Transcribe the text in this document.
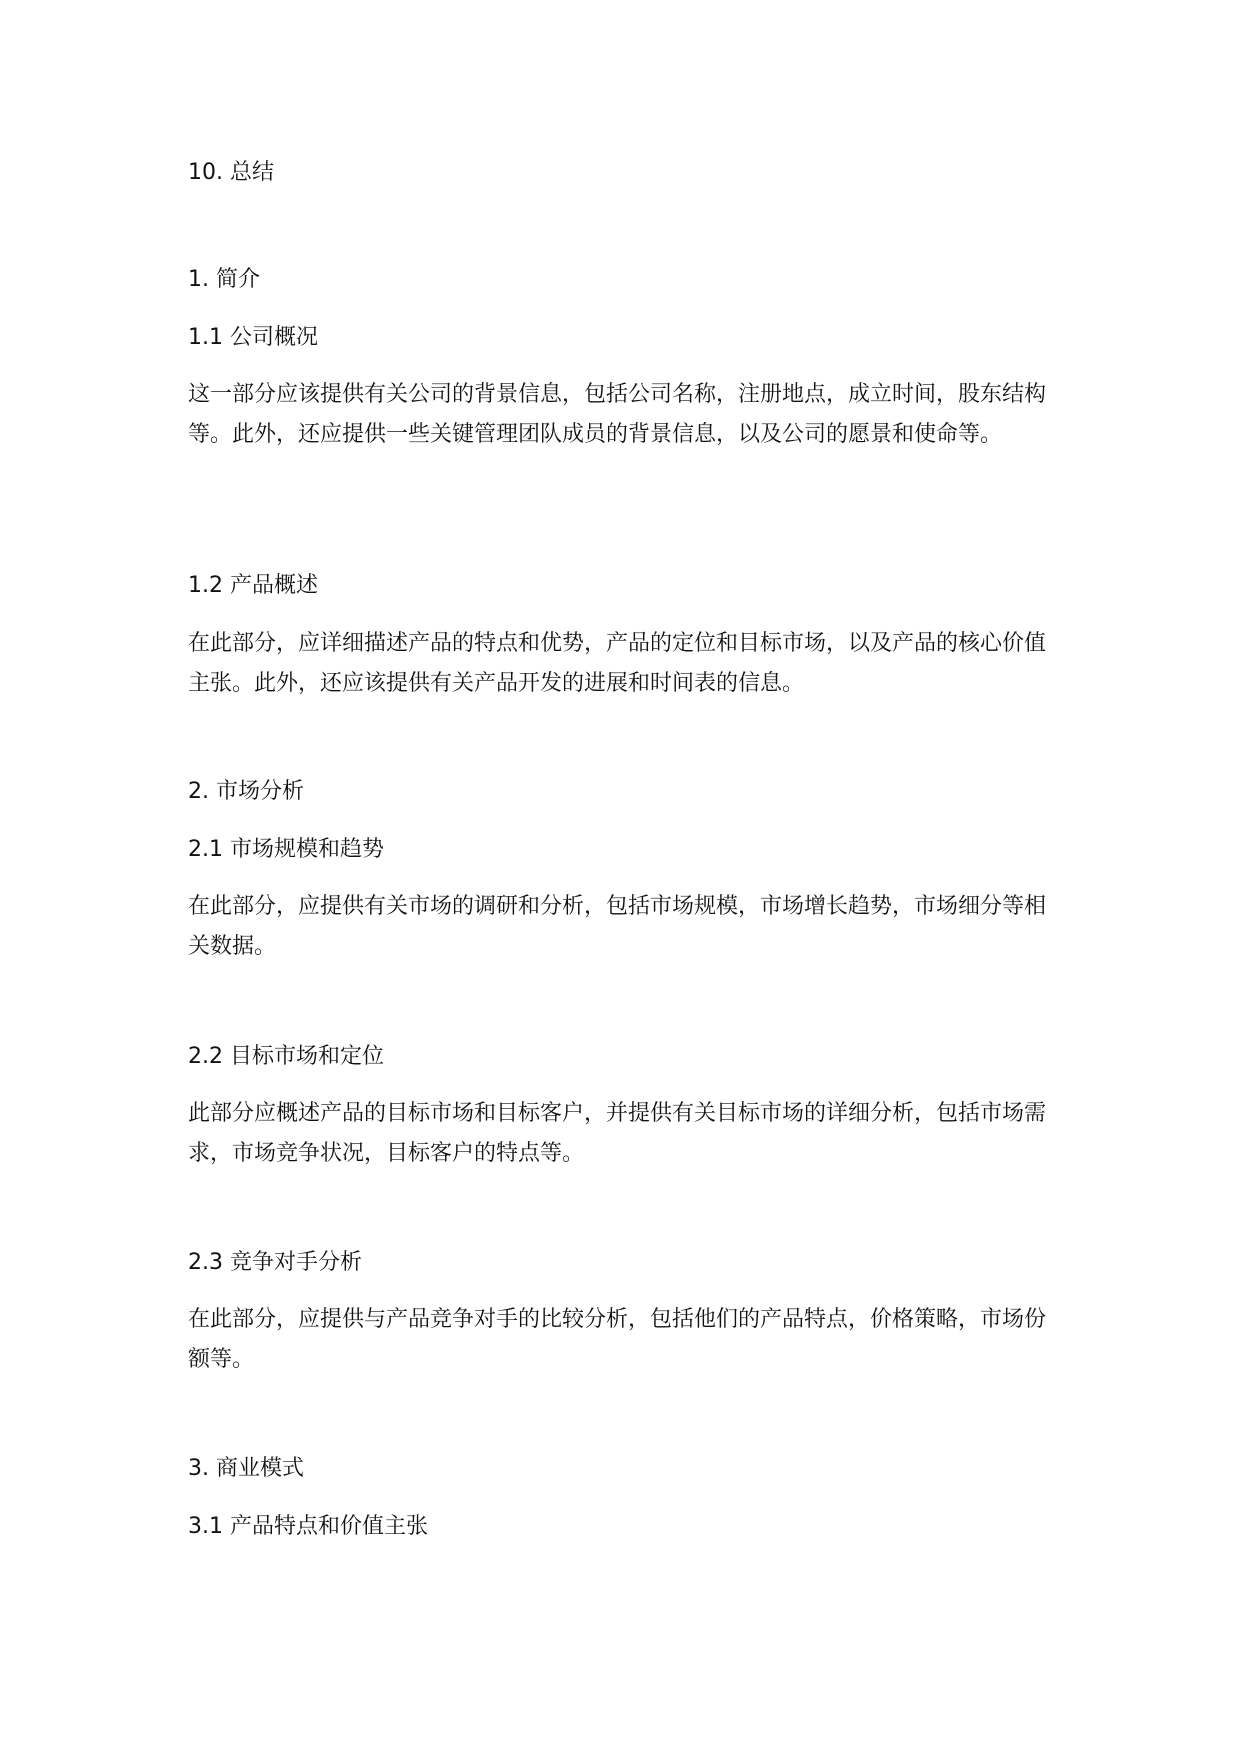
10. 总结
1. 简介
1.1 公司概况
这一部分应该提供有关公司的背景信息，包括公司名称，注册地点，成立时间，股东结构等。此外，还应提供一些关键管理团队成员的背景信息，以及公司的愿景和使命等。
1.2 产品概述
在此部分，应详细描述产品的特点和优势，产品的定位和目标市场，以及产品的核心价值主张。此外，还应该提供有关产品开发的进展和时间表的信息。
2. 市场分析
2.1 市场规模和趋势
在此部分，应提供有关市场的调研和分析，包括市场规模，市场增长趋势，市场细分等相关数据。
2.2 目标市场和定位
此部分应概述产品的目标市场和目标客户，并提供有关目标市场的详细分析，包括市场需求，市场竞争状况，目标客户的特点等。
2.3 竞争对手分析
在此部分，应提供与产品竞争对手的比较分析，包括他们的产品特点，价格策略，市场份额等。
3. 商业模式
3.1 产品特点和价值主张
